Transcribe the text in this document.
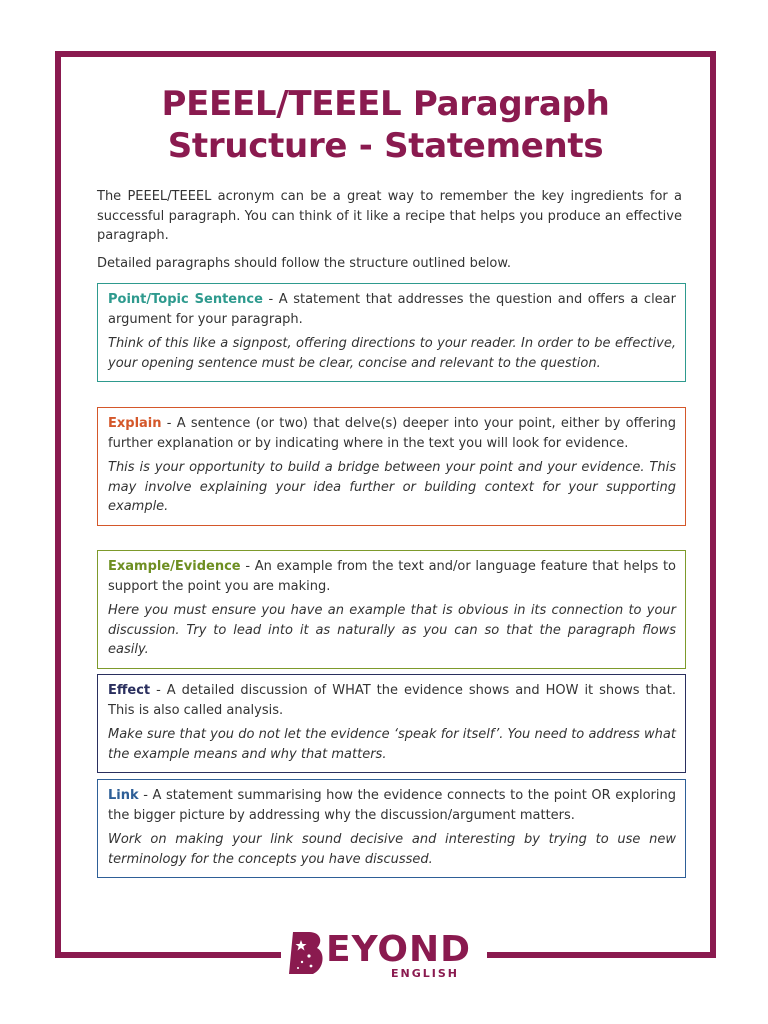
PEEEL/TEEEL Paragraph
Structure - Statements

The PEEEL/TEEEL acronym can be a great way to remember the key ingredients for a successful paragraph. You can think of it like a recipe that helps you produce an effective paragraph.

Detailed paragraphs should follow the structure outlined below.

Point/Topic Sentence - A statement that addresses the question and offers a clear argument for your paragraph.

Think of this like a signpost, offering directions to your reader. In order to be effective, your opening sentence must be clear, concise and relevant to the question.

Explain - A sentence (or two) that delve(s) deeper into your point, either by offering further explanation or by indicating where in the text you will look for evidence.

This is your opportunity to build a bridge between your point and your evidence. This may involve explaining your idea further or building context for your supporting example.

Example/Evidence - An example from the text and/or language feature that helps to support the point you are making.

Here you must ensure you have an example that is obvious in its connection to your discussion. Try to lead into it as naturally as you can so that the paragraph flows easily.

Effect - A detailed discussion of WHAT the evidence shows and HOW it shows that. This is also called analysis.

Make sure that you do not let the evidence ‘speak for itself’. You need to address what the example means and why that matters.

Link - A statement summarising how the evidence connects to the point OR exploring the bigger picture by addressing why the discussion/argument matters.

Work on making your link sound decisive and interesting by trying to use new terminology for the concepts you have discussed.

EYOND
ENGLISH
